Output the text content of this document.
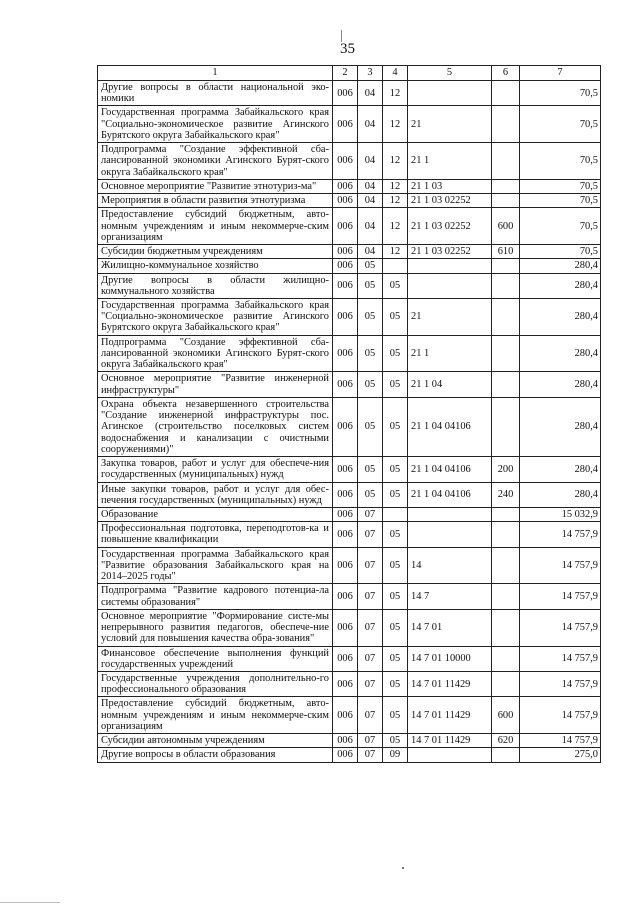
35
1	2	3	4	5	6	7
Другие вопросы в области национальной эко-номики	006	04	12			70,5
Государственная программа Забайкальского края "Социально-экономическое развитие Агинского Бурятского округа Забайкальского края"	006	04	12	21		70,5
Подпрограмма "Создание эффективной сба-лансированной экономики Агинского Бурят-ского округа Забайкальского края"	006	04	12	21 1		70,5
Основное мероприятие "Развитие этнотуриз-ма"	006	04	12	21 1 03		70,5
Мероприятия в области развития этнотуризма	006	04	12	21 1 03 02252		70,5
Предоставление субсидий бюджетным, авто-номным учреждениям и иным некоммерче-ским организациям	006	04	12	21 1 03 02252	600	70,5
Субсидии бюджетным учреждениям	006	04	12	21 1 03 02252	610	70,5
Жилищно-коммунальное хозяйство	006	05				280,4
Другие вопросы в области жилищно-коммунального хозяйства	006	05	05			280,4
Государственная программа Забайкальского края "Социально-экономическое развитие Агинского Бурятского округа Забайкальского края"	006	05	05	21		280,4
Подпрограмма "Создание эффективной сба-лансированной экономики Агинского Бурят-ского округа Забайкальского края"	006	05	05	21 1		280,4
Основное мероприятие "Развитие инженерной инфраструктуры"	006	05	05	21 1 04		280,4
Охрана объекта незавершенного строительства "Создание инженерной инфраструктуры пос. Агинское (строительство поселковых систем водоснабжения и канализации с очистными сооружениями)"	006	05	05	21 1 04 04106		280,4
Закупка товаров, работ и услуг для обеспече-ния государственных (муниципальных) нужд	006	05	05	21 1 04 04106	200	280,4
Иные закупки товаров, работ и услуг для обес-печения государственных (муниципальных) нужд	006	05	05	21 1 04 04106	240	280,4
Образование	006	07				15 032,9
Профессиональная подготовка, переподготов-ка и повышение квалификации	006	07	05			14 757,9
Государственная программа Забайкальского края "Развитие образования Забайкальского края на 2014–2025 годы"	006	07	05	14		14 757,9
Подпрограмма "Развитие кадрового потенциа-ла системы образования"	006	07	05	14 7		14 757,9
Основное мероприятие "Формирование систе-мы непрерывного развития педагогов, обеспече-ние условий для повышения качества обра-зования"	006	07	05	14 7 01		14 757,9
Финансовое обеспечение выполнения функций государственных учреждений	006	07	05	14 7 01 10000		14 757,9
Государственные учреждения дополнительно-го профессионального образования	006	07	05	14 7 01 11429		14 757,9
Предоставление субсидий бюджетным, авто-номным учреждениям и иным некоммерче-ским организациям	006	07	05	14 7 01 11429	600	14 757,9
Субсидии автономным учреждениям	006	07	05	14 7 01 11429	620	14 757,9
Другие вопросы в области образования	006	07	09			275,0
